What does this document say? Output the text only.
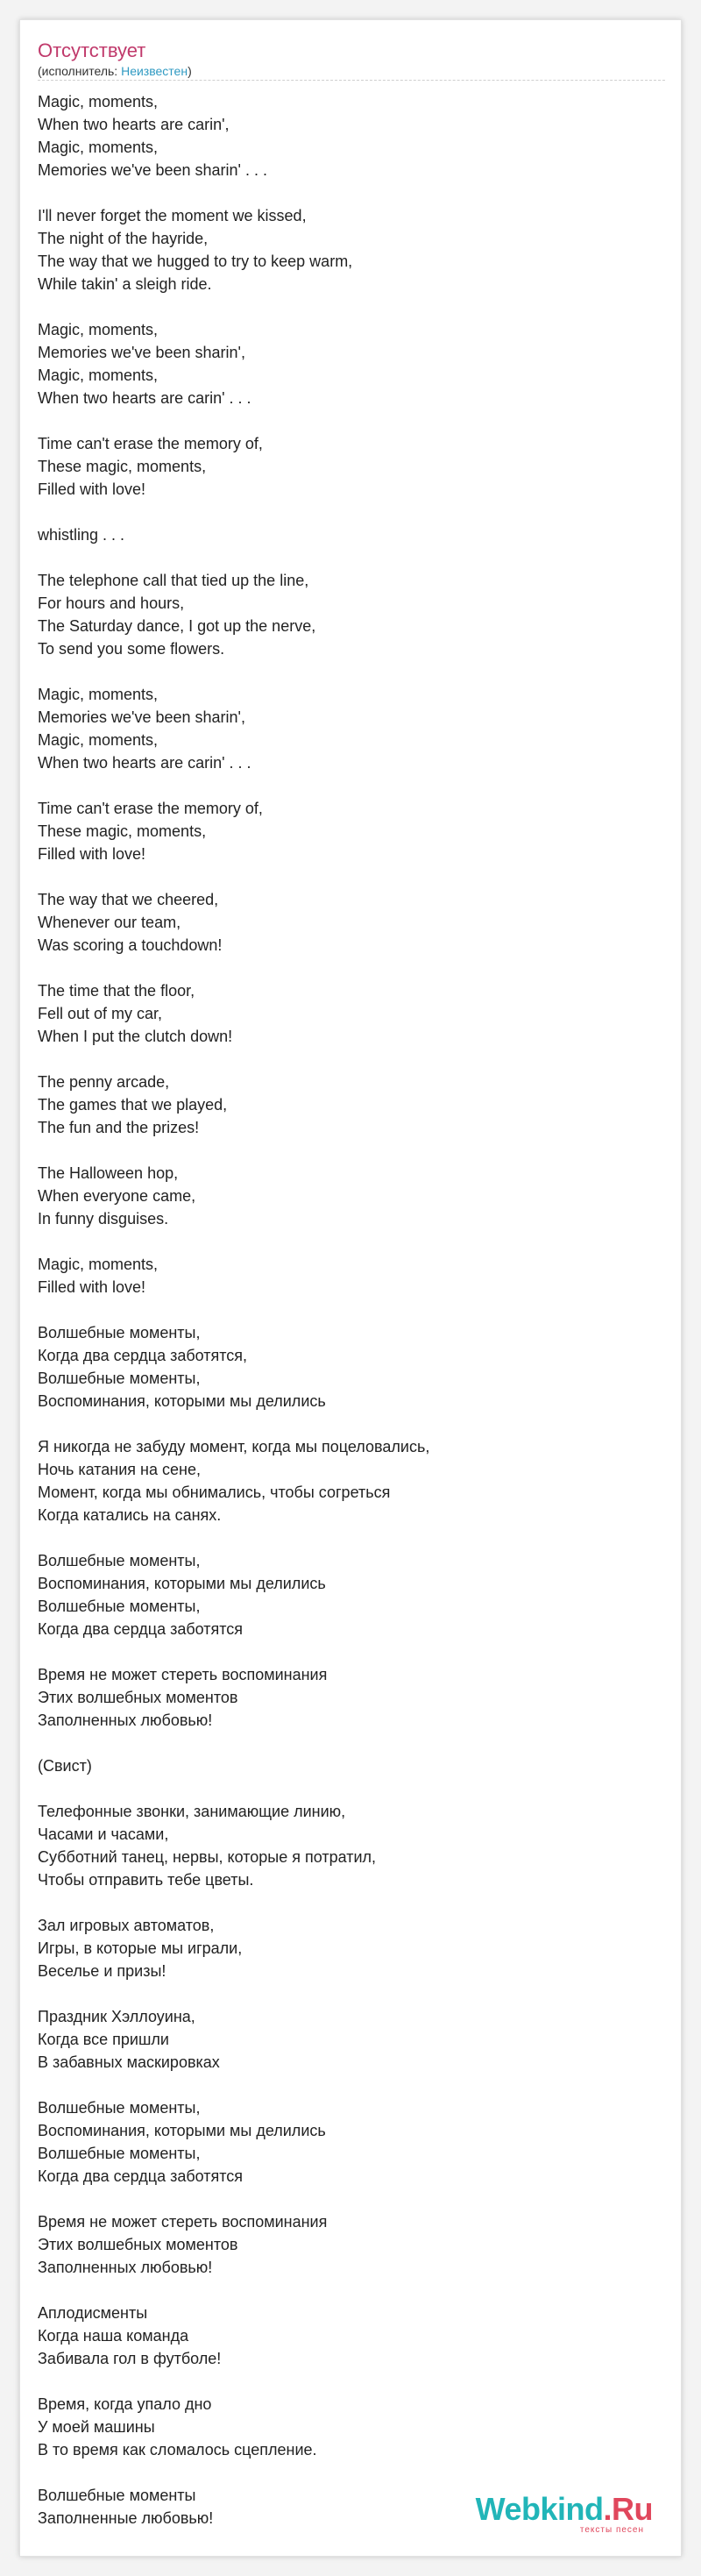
Отсутствует
(исполнитель: Неизвестен)
Magic, moments,
When two hearts are carin',
Magic, moments,
Memories we've been sharin' . . .

I'll never forget the moment we kissed,
The night of the hayride,
The way that we hugged to try to keep warm,
While takin' a sleigh ride.

Magic, moments,
Memories we've been sharin',
Magic, moments,
When two hearts are carin' . . .

Time can't erase the memory of,
These magic, moments,
Filled with love!

whistling . . .

The telephone call that tied up the line,
For hours and hours,
The Saturday dance, I got up the nerve,
To send you some flowers.

Magic, moments,
Memories we've been sharin',
Magic, moments,
When two hearts are carin' . . .

Time can't erase the memory of,
These magic, moments,
Filled with love!

The way that we cheered,
Whenever our team,
Was scoring a touchdown!

The time that the floor,
Fell out of my car,
When I put the clutch down!

The penny arcade,
The games that we played,
The fun and the prizes!

The Halloween hop,
When everyone came,
In funny disguises.

Magic, moments,
Filled with love!

Волшебные моменты,
Когда два сердца заботятся,
Волшебные моменты,
Воспоминания, которыми мы делились

Я никогда не забуду момент, когда мы поцеловались,
Ночь катания на сене,
Момент, когда мы обнимались, чтобы согреться
Когда катались на санях.

Волшебные моменты,
Воспоминания, которыми мы делились
Волшебные моменты,
Когда два сердца заботятся

Время не может стереть воспоминания
Этих волшебных моментов
Заполненных любовью!

(Свист)

Телефонные звонки, занимающие линию,
Часами и часами,
Субботний танец, нервы, которые я потратил,
Чтобы отправить тебе цветы.

Зал игровых автоматов,
Игры, в которые мы играли,
Веселье и призы!

Праздник Хэллоуина,
Когда все пришли
В забавных маскировках

Волшебные моменты,
Воспоминания, которыми мы делились
Волшебные моменты,
Когда два сердца заботятся

Время не может стереть воспоминания
Этих волшебных моментов
Заполненных любовью!

Аплодисменты
Когда наша команда
Забивала гол в футболе!

Время, когда упало дно
У моей машины
В то время как сломалось сцепление.

Волшебные моменты
Заполненные любовью!	Webkind.Ru
тексты песен
